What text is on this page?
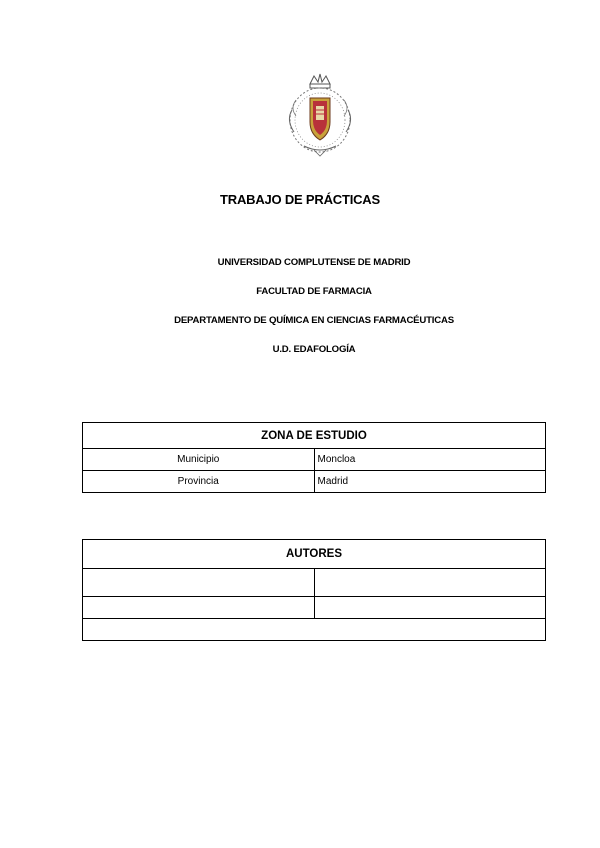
TRABAJO DE PRÁCTICAS
UNIVERSIDAD COMPLUTENSE DE MADRID
FACULTAD DE FARMACIA
DEPARTAMENTO DE QUÍMICA EN CIENCIAS FARMACÉUTICAS
U.D. EDAFOLOGÍA
ZONA DE ESTUDIO	
Municipio	Moncloa
Provincia	Madrid
AUTORES	
